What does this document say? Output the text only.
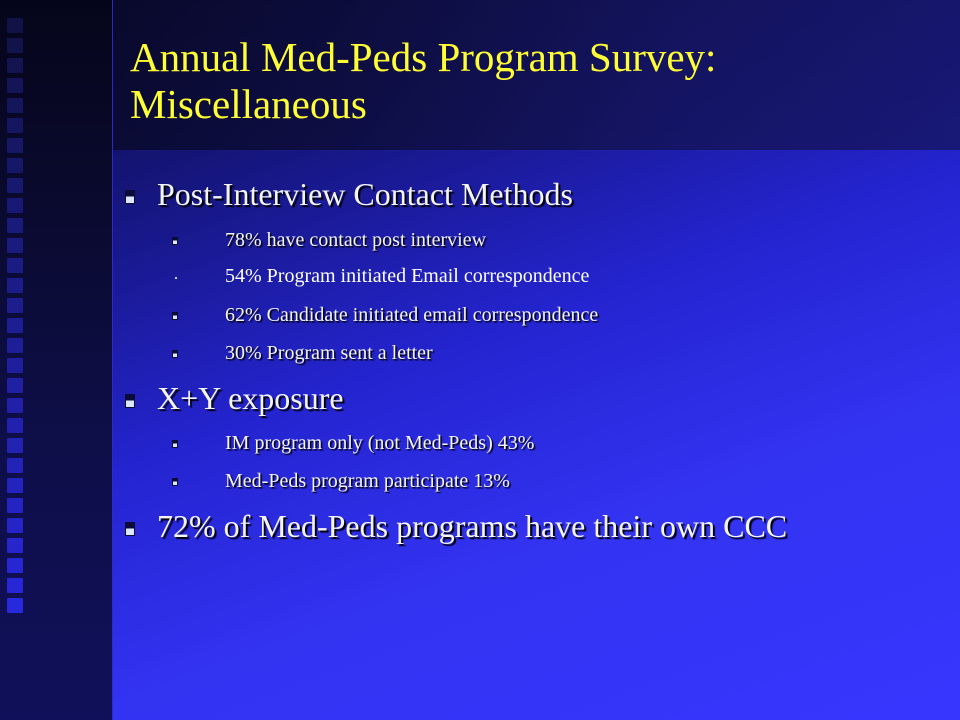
Annual Med-Peds Program Survey:
Miscellaneous
Post-Interview Contact Methods
78% have contact post interview
54% Program initiated Email correspondence
62% Candidate initiated email correspondence
30% Program sent a letter
X+Y exposure
IM program only (not Med-Peds) 43%
Med-Peds program participate 13%
72% of Med-Peds programs have their own CCC
